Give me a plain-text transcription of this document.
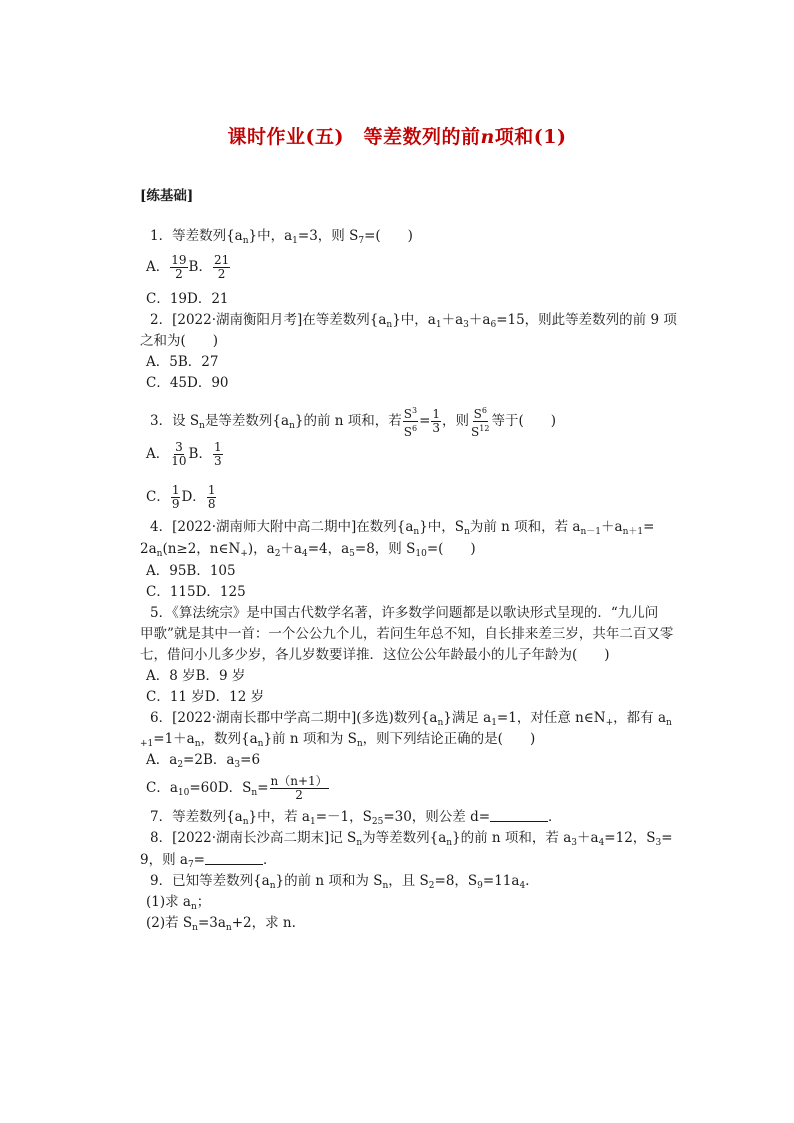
课时作业(五)　等差数列的前n项和(1)
[练基础]
1．等差数列$\{a_n\}$中，$a_1=3$，则 $S_7=$(　　)
A． $\frac{19}{2}$ B． $\frac{21}{2}$
C．19D．21
2．[2022·湖南衡阳月考]在等差数列$\{a_n\}$中，$a_1+a_3+a_6=15$，则此等差数列的前 9 项
之和为(　　)
A．5B．27
C．45D．90
3．设 $S_n$是等差数列$\{a_n\}$的前 n 项和，若 $\frac{S^3}{S^6} = \frac{1}{3}$ ，则 $\frac{S^6}{S^{12}}$ 等于(　　)
A． $\frac{3}{10}$ B． $\frac{1}{3}$
C． $\frac{1}{9}$ D． $\frac{1}{8}$
4．[2022·湖南师大附中高二期中]在数列$\{a_n\}$中，$S_n$为前 n 项和，若 $a_{n-1}+a_{n+1}=$
$2a_n(n\ge 2$，$n\in N_+$)，$a_2+a_4=4$，$a_5=8$，则 $S_{10}=$(　　)
A．95B．105
C．115D．125
5．《算法统宗》是中国古代数学名著，许多数学问题都是以歌诀形式呈现的．“九儿问
甲歌”就是其中一首：一个公公九个儿，若问生年总不知，自长排来差三岁，共年二百又零
七，借问小儿多少岁，各儿岁数要详推．这位公公年龄最小的儿子年龄为(　　)
A．8 岁B．9 岁
C．11 岁D．12 岁
6．[2022·湖南长郡中学高二期中](多选)数列$\{a_n\}$满足 $a_1=1$，对任意 $n\in N_+$，都有 $a_n$
$_{+1}=1+a_n$，数列$\{a_n\}$前 n 项和为 $S_n$，则下列结论正确的是(　　)
A．$a_2=2B$．$a_3=6$
C．$a_{10}=60D$．$S_n= \frac{n(n+1)}{2}$
7．等差数列$\{a_n\}$中，若 $a_1=-1$，$S_{25}=30$，则公差 d=	．
8．[2022·湖南长沙高二期末]记 $S_n$为等差数列$\{a_n\}$的前 n 项和，若 $a_3+a_4=12$，$S_3=$
9，则 $a_7=$	．
9．已知等差数列$\{a_n\}$的前 n 项和为 $S_n$，且 $S_2=8$，$S_9=11a_4$．
(1)求 $a_n$；
(2)若 $S_n=3a_n+2$，求 n.
